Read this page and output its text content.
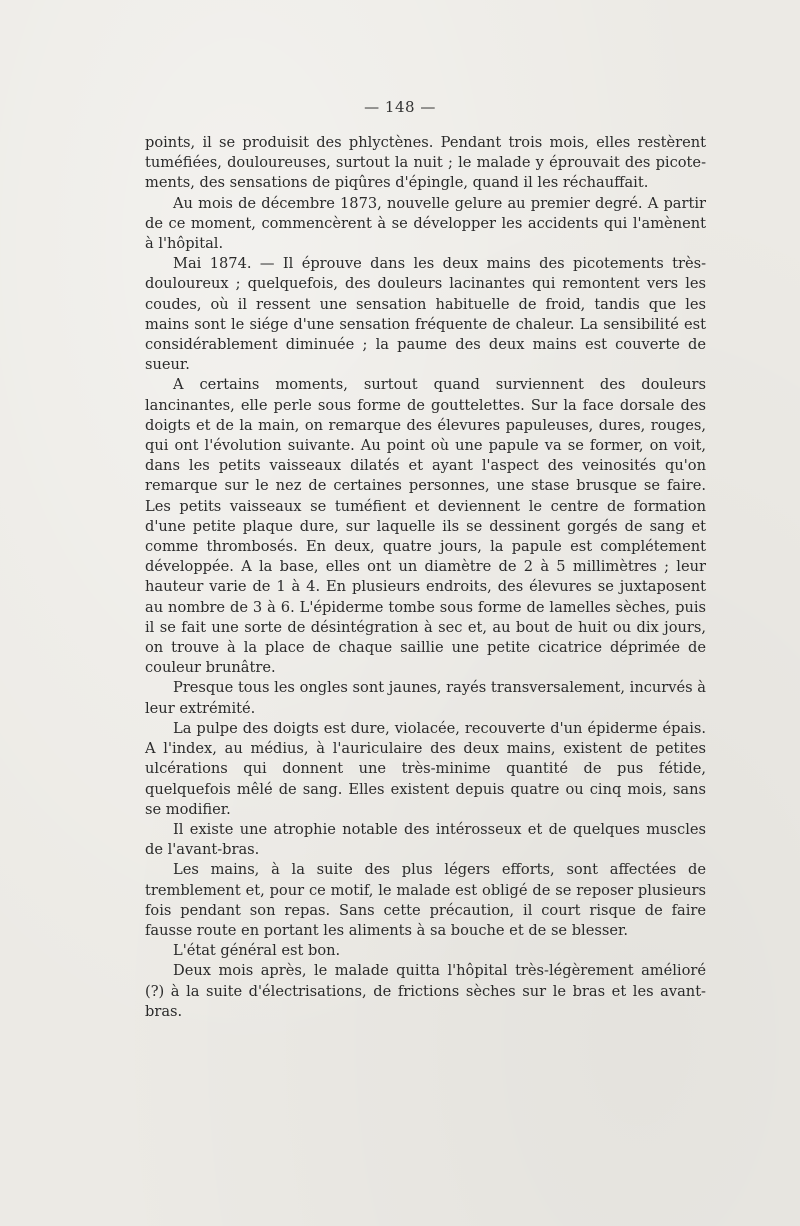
— 148 —

points, il se produisit des phlyctènes. Pendant trois mois, elles restèrent tuméfiées, douloureuses, surtout la nuit ; le malade y éprouvait des picotements, des sensations de piqûres d'épingle, quand il les réchauffait.

Au mois de décembre 1873, nouvelle gelure au premier degré. A partir de ce moment, commencèrent à se développer les accidents qui l'amènent à l'hôpital.

Mai 1874. — Il éprouve dans les deux mains des picotements très-douloureux ; quelquefois, des douleurs lacinantes qui remontent vers les coudes, où il ressent une sensation habituelle de froid, tandis que les mains sont le siége d'une sensation fréquente de chaleur. La sensibilité est considérablement diminuée ; la paume des deux mains est couverte de sueur.

A certains moments, surtout quand surviennent des douleurs lancinantes, elle perle sous forme de gouttelettes. Sur la face dorsale des doigts et de la main, on remarque des élevures papuleuses, dures, rouges, qui ont l'évolution suivante. Au point où une papule va se former, on voit, dans les petits vaisseaux dilatés et ayant l'aspect des veinosités qu'on remarque sur le nez de certaines personnes, une stase brusque se faire. Les petits vaisseaux se tuméfient et deviennent le centre de formation d'une petite plaque dure, sur laquelle ils se dessinent gorgés de sang et comme thrombosés. En deux, quatre jours, la papule est complétement développée. A la base, elles ont un diamètre de 2 à 5 millimètres ; leur hauteur varie de 1 à 4. En plusieurs endroits, des élevures se juxtaposent au nombre de 3 à 6. L'épiderme tombe sous forme de lamelles sèches, puis il se fait une sorte de désintégration à sec et, au bout de huit ou dix jours, on trouve à la place de chaque saillie une petite cicatrice déprimée de couleur brunâtre.

Presque tous les ongles sont jaunes, rayés transversalement, incurvés à leur extrémité.

La pulpe des doigts est dure, violacée, recouverte d'un épiderme épais. A l'index, au médius, à l'auriculaire des deux mains, existent de petites ulcérations qui donnent une très-minime quantité de pus fétide, quelquefois mêlé de sang. Elles existent depuis quatre ou cinq mois, sans se modifier.

Il existe une atrophie notable des intérosseux et de quelques muscles de l'avant-bras.

Les mains, à la suite des plus légers efforts, sont affectées de tremblement et, pour ce motif, le malade est obligé de se reposer plusieurs fois pendant son repas. Sans cette précaution, il court risque de faire fausse route en portant les aliments à sa bouche et de se blesser.

L'état général est bon.

Deux mois après, le malade quitta l'hôpital très-légèrement amélioré (?) à la suite d'électrisations, de frictions sèches sur le bras et les avant-bras.
